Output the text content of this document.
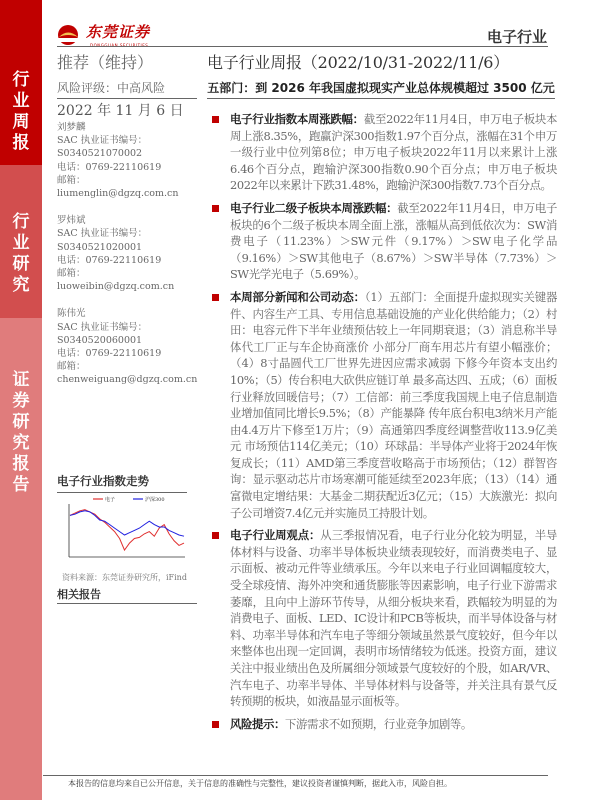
行业周报
行业研究
证券研究报告
东莞证券	电子行业
推荐（维持）	电子行业周报（2022/10/31-2022/11/6）
风险评级：中高风险	五部门：到 2026 年我国虚拟现实产业总体规模超过 3500 亿元
2022 年 11 月 6 日
刘梦麟
SAC 执业证书编号：
S0340521070002
电话：0769-22110619
邮箱：
liumenglin@dgzq.com.cn
罗炜斌
SAC 执业证书编号：
S0340521020001
电话：0769-22110619
邮箱：
luoweibin@dgzq.com.cn
陈伟光
SAC 执业证书编号：
S0340520060001
电话：0769-22110619
邮箱：
chenweiguang@dgzq.com.cn
电子行业指数走势
电子	沪深300
资料来源：东莞证券研究所，iFind
相关报告
电子行业指数本周涨跌幅：截至2022年11月4日，申万电子板块本周上涨8.35%，跑赢沪深300指数1.97个百分点，涨幅在31个申万一级行业中位列第8位；申万电子板块2022年11月以来累计上涨6.46个百分点，跑输沪深300指数0.90个百分点；申万电子板块2022年以来累计下跌31.48%，跑输沪深300指数7.73个百分点。
电子行业二级子板块本周涨跌幅：截至2022年11月4日，申万电子板块的6个二级子板块本周全面上涨，涨幅从高到低依次为：SW消费电子（11.23%）＞SW元件（9.17%）＞SW电子化学品（9.16%）＞SW其他电子（8.67%）＞SW半导体（7.73%）＞SW光学光电子（5.69%）。
本周部分新闻和公司动态：（1）五部门：全面提升虚拟现实关键器件、内容生产工具、专用信息基础设施的产业化供给能力；（2）村田：电容元件下半年业绩预估较上一年同期衰退；（3）消息称半导体代工厂正与车企协商涨价 小部分厂商车用芯片有望小幅涨价；（4）8寸晶圆代工厂世界先进因应需求减弱 下修今年资本支出约10%；（5）传台积电大砍供应链订单 最多高达四、五成；（6）面板行业释放回暖信号；（7）工信部：前三季度我国规上电子信息制造业增加值同比增长9.5%；（8）产能暴降 传年底台积电3纳米月产能由4.4万片下修至1万片；（9）高通第四季度经调整营收113.9亿美元 市场预估114亿美元；（10）环球晶：半导体产业将于2024年恢复成长；（11）AMD第三季度营收略高于市场预估；（12）群智咨询：显示驱动芯片市场寒潮可能延续至2023年底；（13）（14）通富微电定增结果：大基金二期获配近3亿元；（15）大族激光：拟向子公司增资7.4亿元并实施员工持股计划。
电子行业周观点：从三季报情况看，电子行业分化较为明显，半导体材料与设备、功率半导体板块业绩表现较好，而消费类电子、显示面板、被动元件等业绩承压。今年以来电子行业回调幅度较大，受全球疫情、海外冲突和通货膨胀等因素影响，电子行业下游需求萎靡，且向中上游环节传导，从细分板块来看，跌幅较为明显的为消费电子、面板、LED、IC设计和PCB等板块，而半导体设备与材料、功率半导体和汽车电子等细分领域虽然景气度较好，但今年以来整体也出现一定回调，表明市场情绪较为低迷。投资方面，建议关注中报业绩出色及所属细分领域景气度较好的个股，如AR/VR、汽车电子、功率半导体、半导体材料与设备等，并关注具有景气反转预期的板块，如液晶显示面板等。
风险提示：下游需求不如预期，行业竞争加剧等。
本报告的信息均来自已公开信息，关于信息的准确性与完整性，建议投资者谨慎判断，据此入市，风险自担。
